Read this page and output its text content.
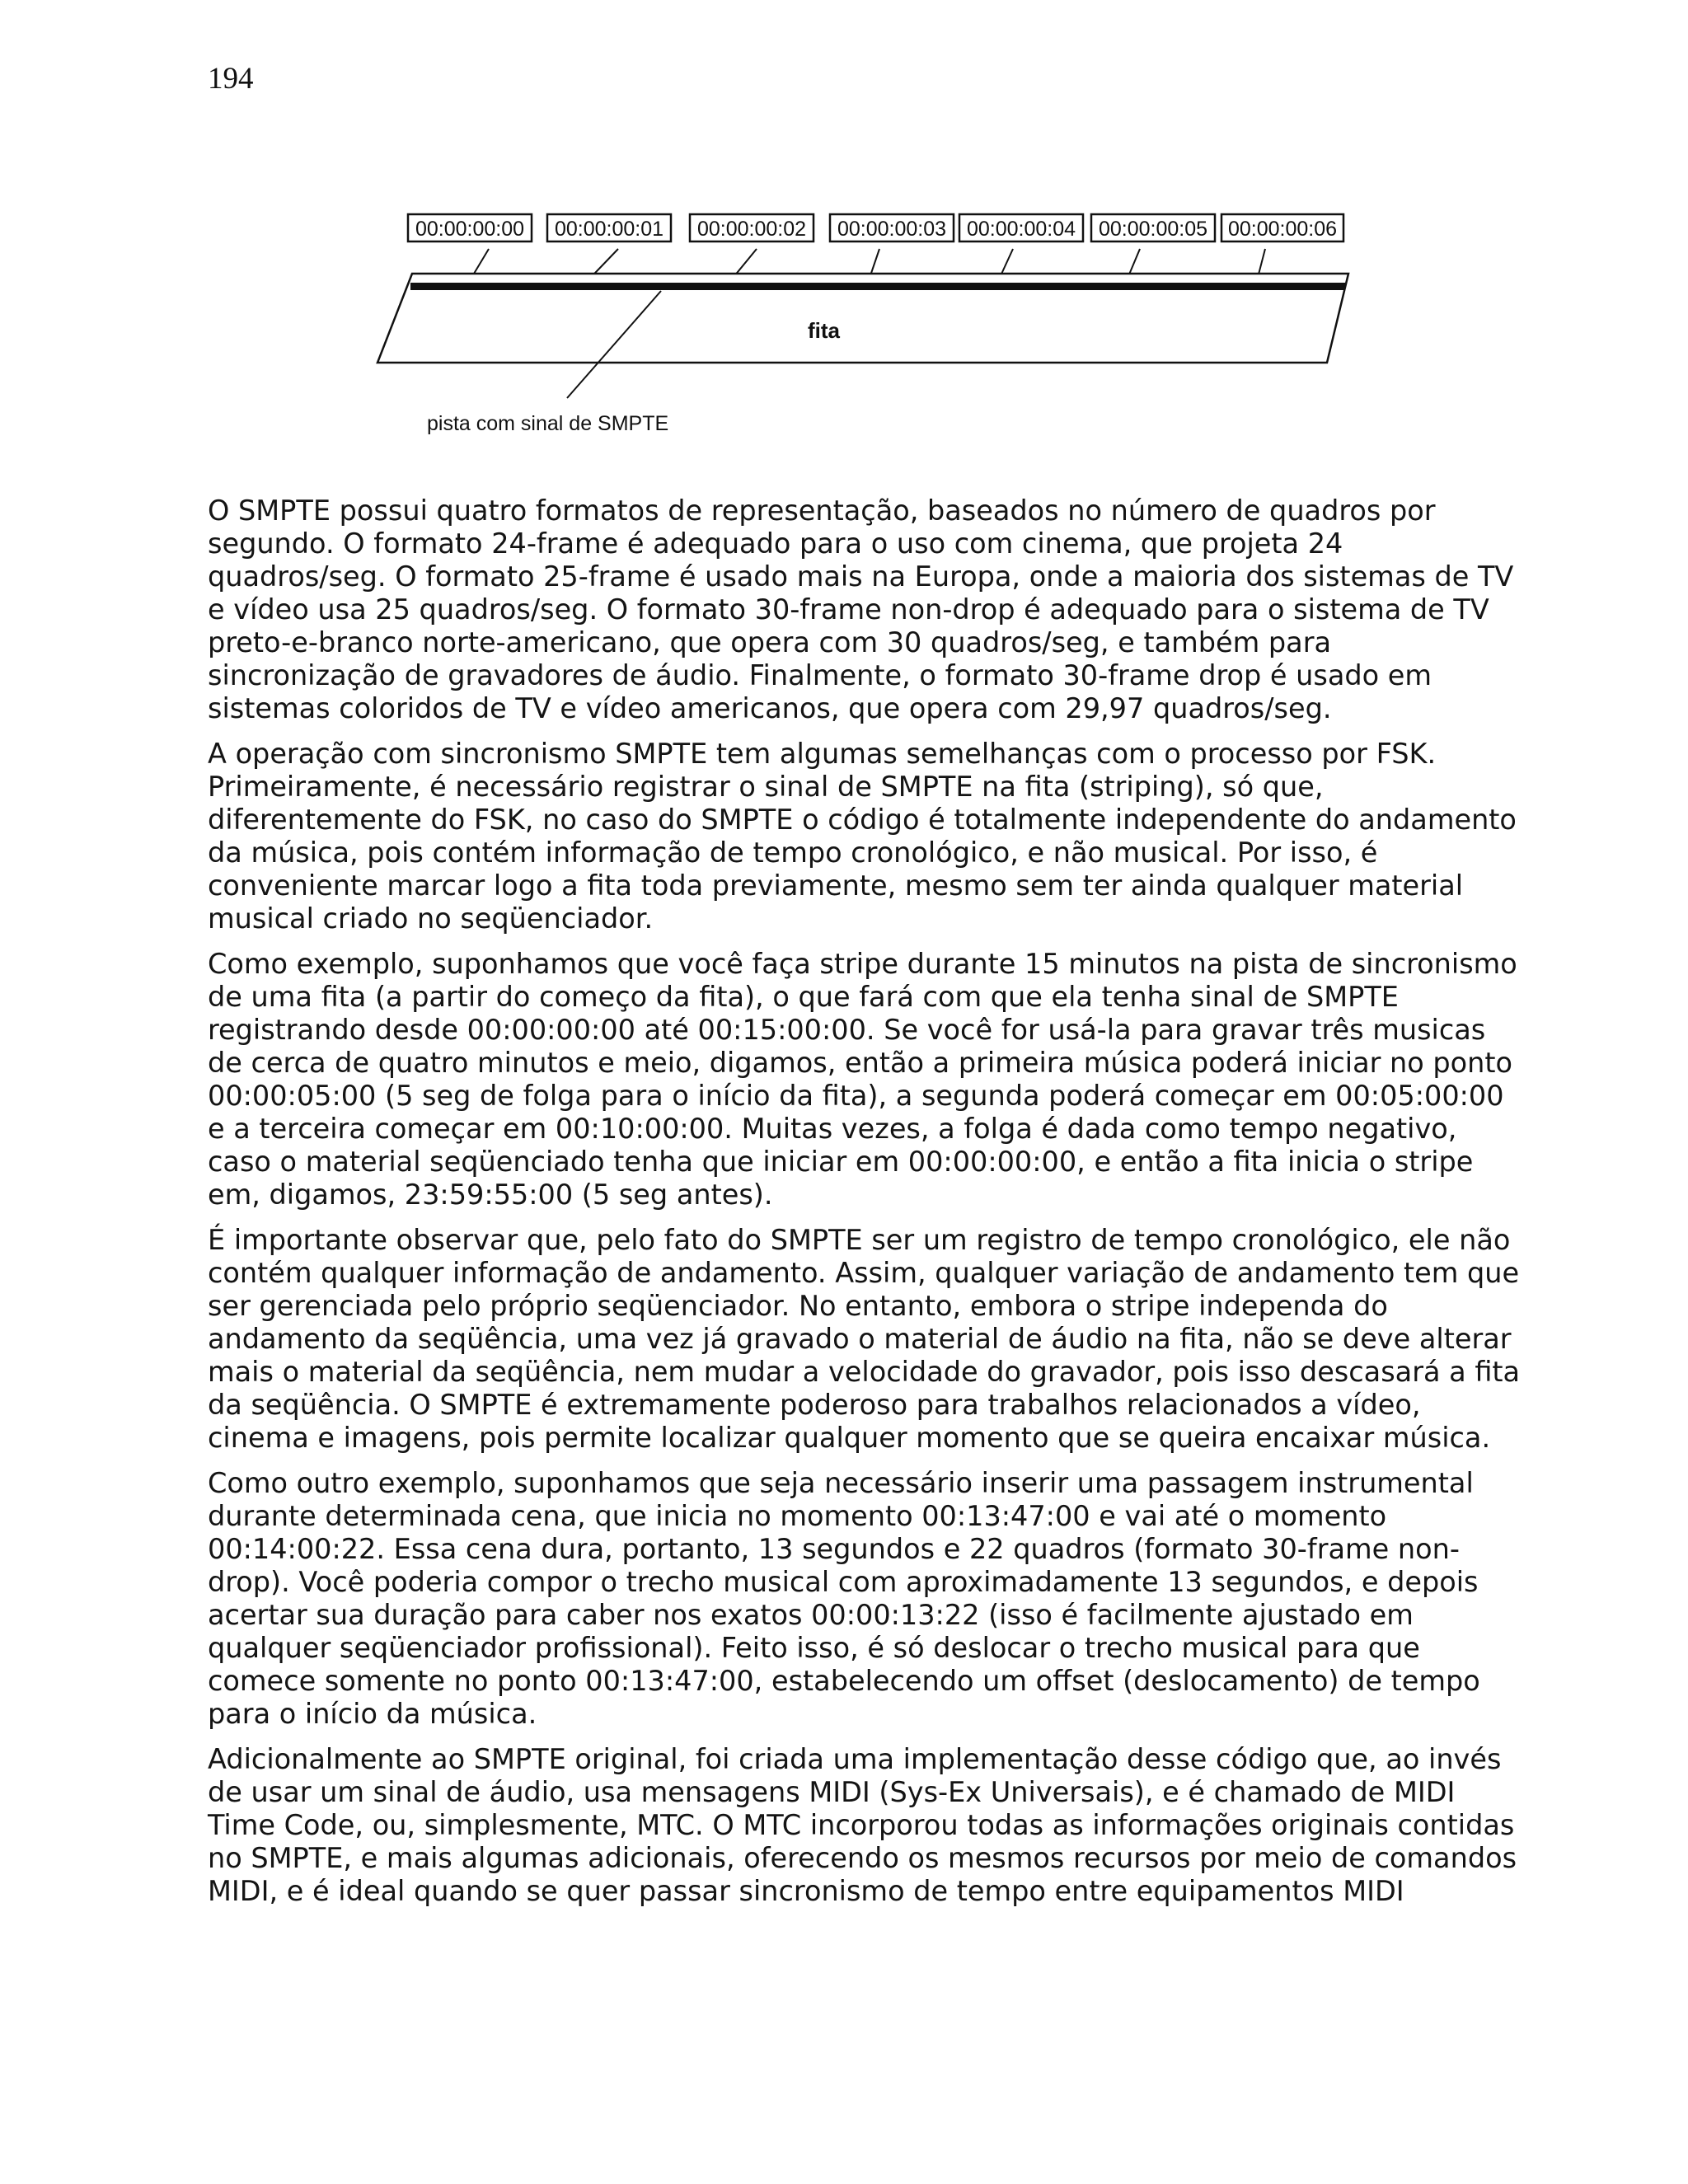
194
00:00:00:00 00:00:00:01 00:00:00:02 00:00:00:03 00:00:00:04 00:00:00:05 00:00:00:06
fita
pista com sinal de SMPTE

O SMPTE possui quatro formatos de representação, baseados no número de quadros por segundo. O formato 24-frame é adequado para o uso com cinema, que projeta 24 quadros/seg. O formato 25-frame é usado mais na Europa, onde a maioria dos sistemas de TV e vídeo usa 25 quadros/seg. O formato 30-frame non-drop é adequado para o sistema de TV preto-e-branco norte-americano, que opera com 30 quadros/seg, e também para sincronização de gravadores de áudio. Finalmente, o formato 30-frame drop é usado em sistemas coloridos de TV e vídeo americanos, que opera com 29,97 quadros/seg.

A operação com sincronismo SMPTE tem algumas semelhanças com o processo por FSK. Primeiramente, é necessário registrar o sinal de SMPTE na fita (striping), só que, diferentemente do FSK, no caso do SMPTE o código é totalmente independente do andamento da música, pois contém informação de tempo cronológico, e não musical. Por isso, é conveniente marcar logo a fita toda previamente, mesmo sem ter ainda qualquer material musical criado no seqüenciador.

Como exemplo, suponhamos que você faça stripe durante 15 minutos na pista de sincronismo de uma fita (a partir do começo da fita), o que fará com que ela tenha sinal de SMPTE registrando desde 00:00:00:00 até 00:15:00:00. Se você for usá-la para gravar três musicas de cerca de quatro minutos e meio, digamos, então a primeira música poderá iniciar no ponto 00:00:05:00 (5 seg de folga para o início da fita), a segunda poderá começar em 00:05:00:00 e a terceira começar em 00:10:00:00. Muitas vezes, a folga é dada como tempo negativo, caso o material seqüenciado tenha que iniciar em 00:00:00:00, e então a fita inicia o stripe em, digamos, 23:59:55:00 (5 seg antes).

É importante observar que, pelo fato do SMPTE ser um registro de tempo cronológico, ele não contém qualquer informação de andamento. Assim, qualquer variação de andamento tem que ser gerenciada pelo próprio seqüenciador. No entanto, embora o stripe independa do andamento da seqüência, uma vez já gravado o material de áudio na fita, não se deve alterar mais o material da seqüência, nem mudar a velocidade do gravador, pois isso descasará a fita da seqüência. O SMPTE é extremamente poderoso para trabalhos relacionados a vídeo, cinema e imagens, pois permite localizar qualquer momento que se queira encaixar música.

Como outro exemplo, suponhamos que seja necessário inserir uma passagem instrumental durante determinada cena, que inicia no momento 00:13:47:00 e vai até o momento 00:14:00:22. Essa cena dura, portanto, 13 segundos e 22 quadros (formato 30-frame non-drop). Você poderia compor o trecho musical com aproximadamente 13 segundos, e depois acertar sua duração para caber nos exatos 00:00:13:22 (isso é facilmente ajustado em qualquer seqüenciador profissional). Feito isso, é só deslocar o trecho musical para que comece somente no ponto 00:13:47:00, estabelecendo um offset (deslocamento) de tempo para o início da música.

Adicionalmente ao SMPTE original, foi criada uma implementação desse código que, ao invés de usar um sinal de áudio, usa mensagens MIDI (Sys-Ex Universais), e é chamado de MIDI Time Code, ou, simplesmente, MTC. O MTC incorporou todas as informações originais contidas no SMPTE, e mais algumas adicionais, oferecendo os mesmos recursos por meio de comandos MIDI, e é ideal quando se quer passar sincronismo de tempo entre equipamentos MIDI
